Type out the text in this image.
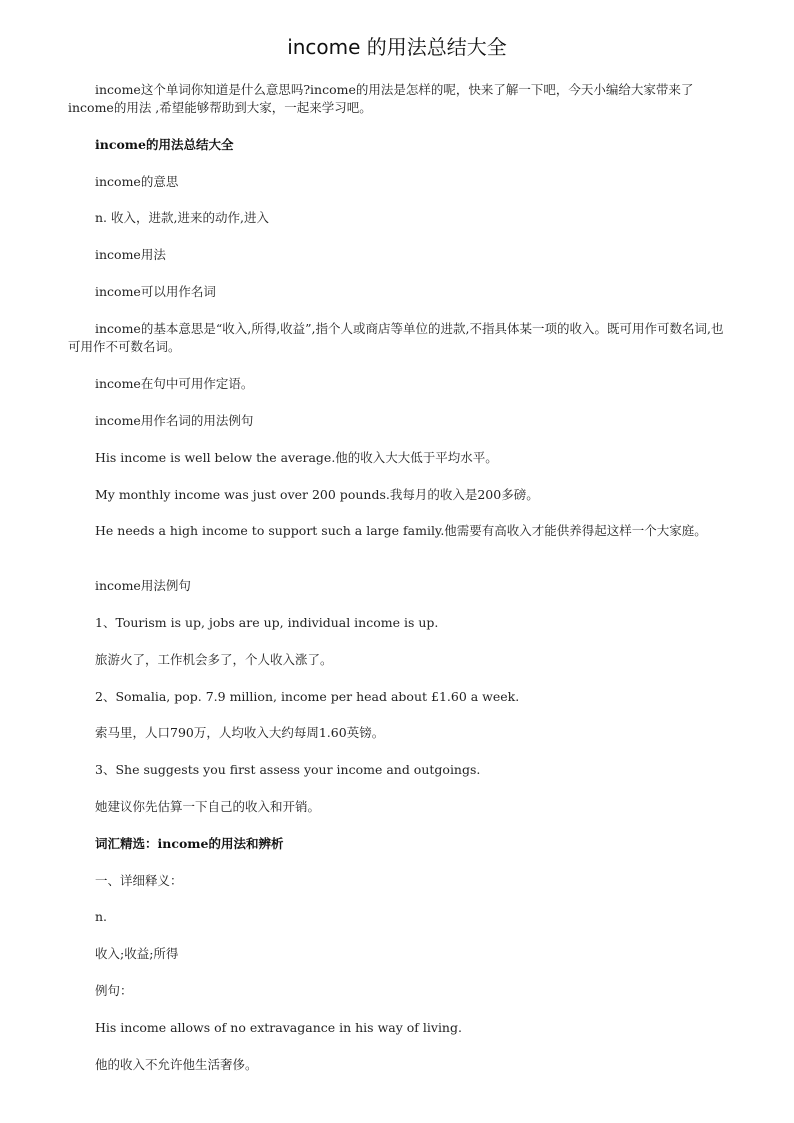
income 的用法总结大全

income这个单词你知道是什么意思吗?income的用法是怎样的呢，快来了解一下吧，今天小编给大家带来了income的用法 ,希望能够帮助到大家，一起来学习吧。

income的用法总结大全

income的意思

n. 收入，进款,进来的动作,进入

income用法

income可以用作名词

income的基本意思是“收入,所得,收益”,指个人或商店等单位的进款,不指具体某一项的收入。既可用作可数名词,也可用作不可数名词。

income在句中可用作定语。

income用作名词的用法例句

His income is well below the average.他的收入大大低于平均水平。

My monthly income was just over 200 pounds.我每月的收入是200多磅。

He needs a high income to support such a large family.他需要有高收入才能供养得起这样一个大家庭。

income用法例句

1、Tourism is up, jobs are up, individual income is up.

旅游火了，工作机会多了，个人收入涨了。

2、Somalia, pop. 7.9 million, income per head about £1.60 a week.

索马里，人口790万，人均收入大约每周1.60英镑。

3、She suggests you first assess your income and outgoings.

她建议你先估算一下自己的收入和开销。

词汇精选：income的用法和辨析

一、详细释义：

n.

收入;收益;所得

例句：

His income allows of no extravagance in his way of living.

他的收入不允许他生活奢侈。
